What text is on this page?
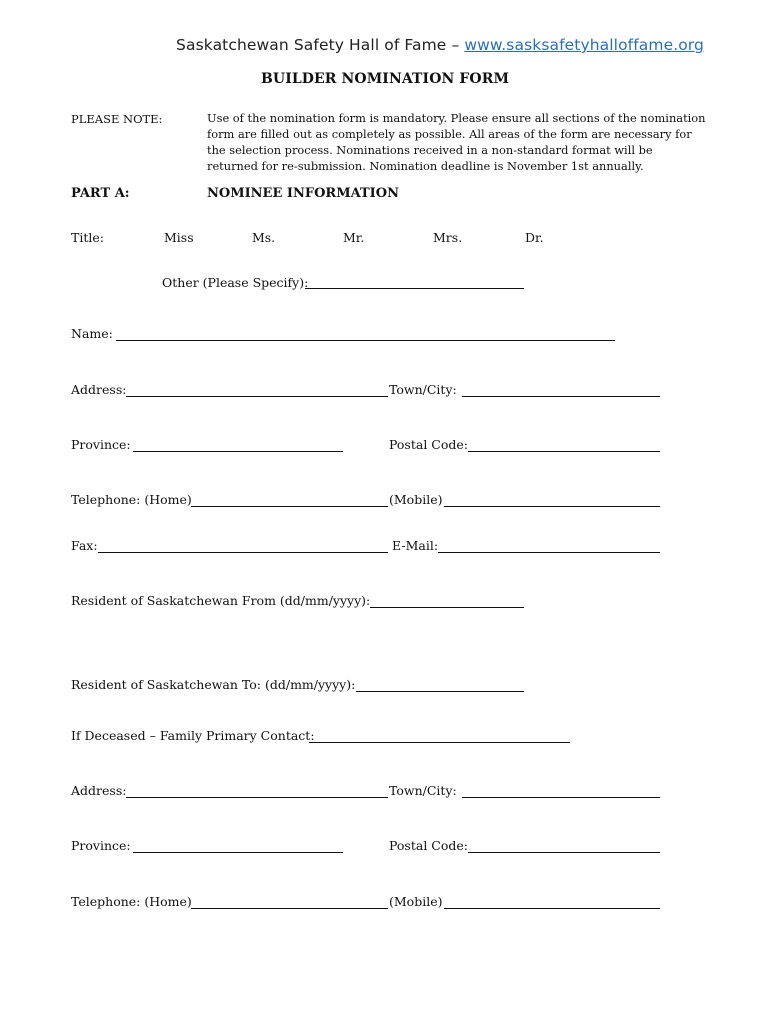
Saskatchewan Safety Hall of Fame – www.sasksafetyhalloffame.org
BUILDER NOMINATION FORM
PLEASE NOTE:	Use of the nomination form is mandatory. Please ensure all sections of the nomination form are filled out as completely as possible. All areas of the form are necessary for the selection process. Nominations received in a non-standard format will be returned for re-submission. Nomination deadline is November 1st annually.
PART A:	NOMINEE INFORMATION
Title:	Miss	Ms.	Mr.	Mrs.	Dr.
Other (Please Specify):
Name:
Address:	Town/City:
Province:	Postal Code:
Telephone: (Home)	(Mobile)
Fax:	E-Mail:
Resident of Saskatchewan From (dd/mm/yyyy):
Resident of Saskatchewan To: (dd/mm/yyyy):
If Deceased – Family Primary Contact:
Address:	Town/City:
Province:	Postal Code:
Telephone: (Home)	(Mobile)
